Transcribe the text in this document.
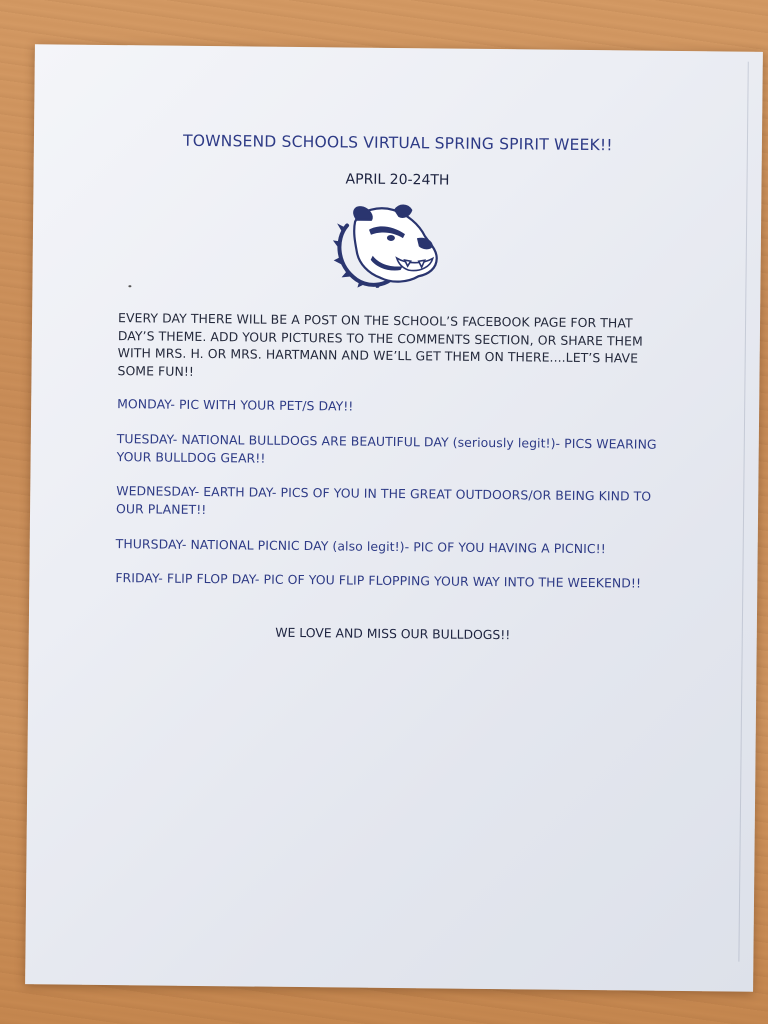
TOWNSEND SCHOOLS VIRTUAL SPRING SPIRIT WEEK!!
APRIL 20-24TH
EVERY DAY THERE WILL BE A POST ON THE SCHOOL’S FACEBOOK PAGE FOR THAT DAY’S THEME. ADD YOUR PICTURES TO THE COMMENTS SECTION, OR SHARE THEM WITH MRS. H. OR MRS. HARTMANN AND WE’LL GET THEM ON THERE....LET’S HAVE SOME FUN!!
MONDAY- PIC WITH YOUR PET/S DAY!!
TUESDAY- NATIONAL BULLDOGS ARE BEAUTIFUL DAY (seriously legit!)- PICS WEARING YOUR BULLDOG GEAR!!
WEDNESDAY- EARTH DAY- PICS OF YOU IN THE GREAT OUTDOORS/OR BEING KIND TO OUR PLANET!!
THURSDAY- NATIONAL PICNIC DAY (also legit!)- PIC OF YOU HAVING A PICNIC!!
FRIDAY- FLIP FLOP DAY- PIC OF YOU FLIP FLOPPING YOUR WAY INTO THE WEEKEND!!
WE LOVE AND MISS OUR BULLDOGS!!
